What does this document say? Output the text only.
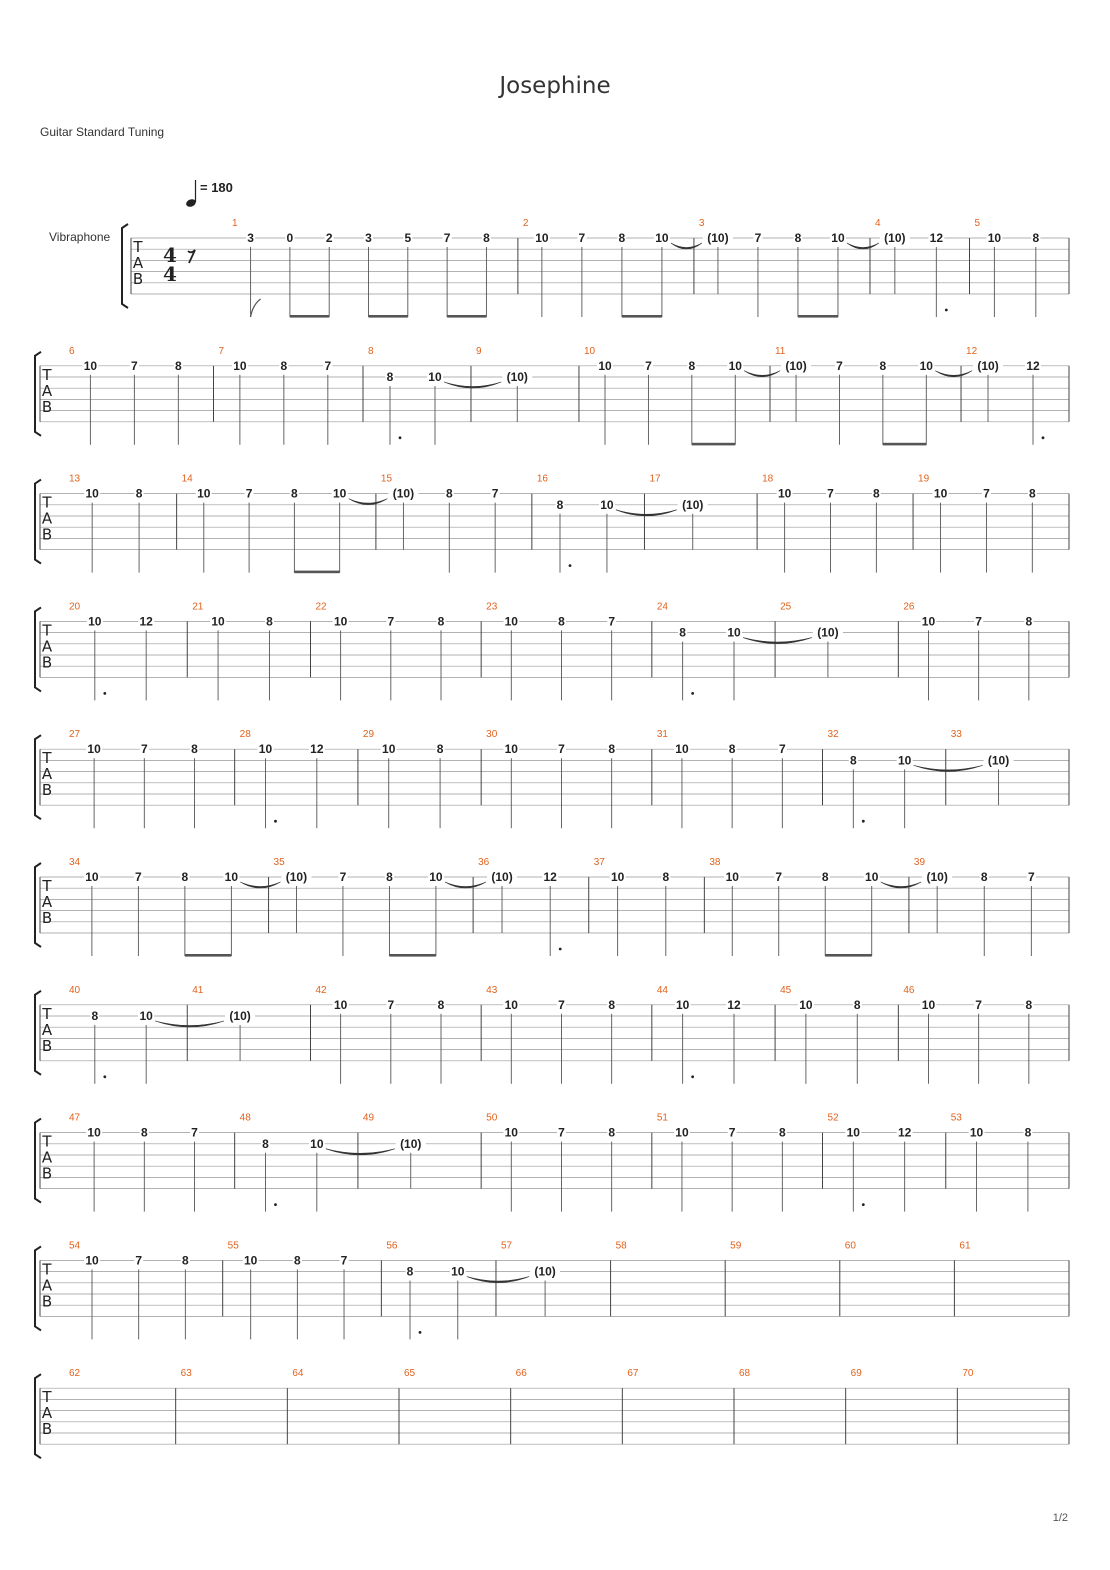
Josephine
Guitar Standard Tuning
= 180
Vibraphone
1/2
T
A
B
4
4
1
3	0	2	3	5	7	8
2
10 7	8 10
3
(10) 7	8 10
4
(10) 12
5
10	8
T
A
B
6
10	7	8
7
10	8	7
8
8	10
9
(10)
10
10	7	8	10
11
(10) 7	8	10
12
(10) 12
T
A
B
13
10	8
14
10	7	8	10
15
(10)	8	7
16
8	10
17
(10)
18
10	7	8
19
10	7	8
T
A
B
20
10	12
21
10	8
22
10	7	8
23
10	8	7
24
8	10
25
(10)
26
10	7	8
T
A
B
27
10	7	8
28
10	12
29
10	8
30
10	7	8
31
10	8	7
32
8	10
33
(10)
T
A
B
34
10	7	8	10
35
(10)	7	8	10
36
(10)	12
37
10	8
38
10	7	8	10
39
(10)	8	7
T
A
B
40
8	10
41
(10)
42
10	7	8
43
10	7	8
44
10	12
45
10	8
46
10	7	8
T
A
B
47
10	8	7
48
8	10
49
(10)
50
10	7	8
51
10	7	8
52
10	12
53
10	8
T
A
B
54
10	7	8
55
10	8	7
56
8	10
57
(10)
58	59	60	61
T
A
B
62	63	64	65	66	67	68	69	70
